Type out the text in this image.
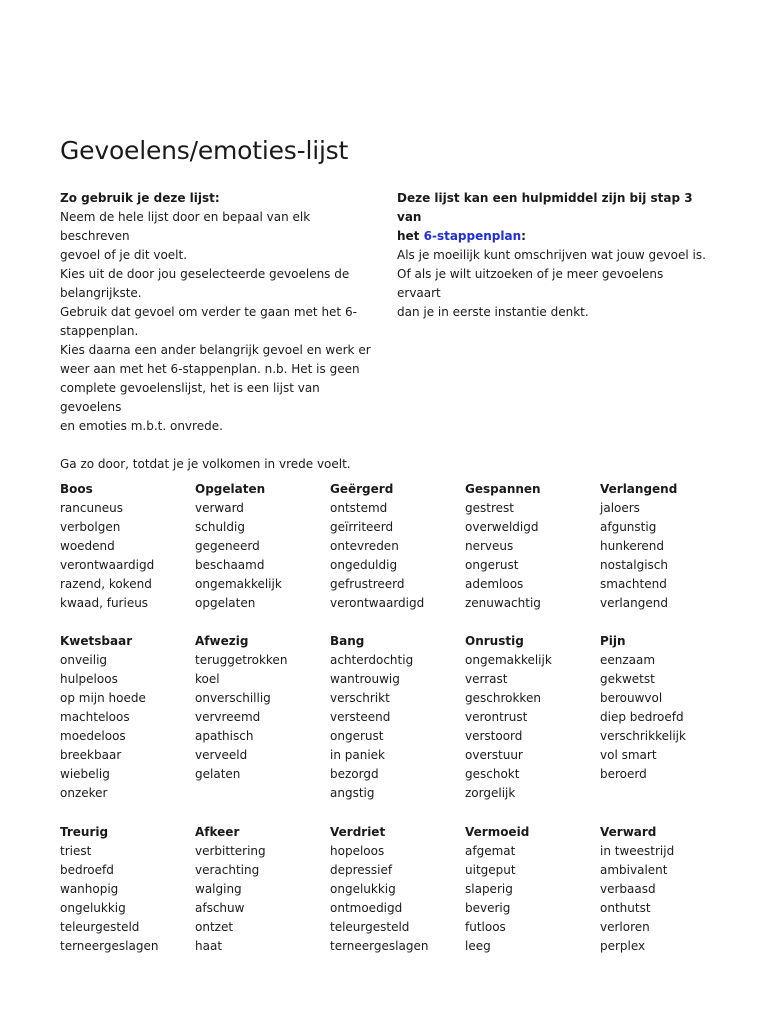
Gevoelens/emoties-lijst

Zo gebruik je deze lijst:

Neem de hele lijst door en bepaal van elk beschreven

gevoel of je dit voelt.

Kies uit de door jou geselecteerde gevoelens de

belangrijkste.

Gebruik dat gevoel om verder te gaan met het 6-

stappenplan.

Kies daarna een ander belangrijk gevoel en werk er

weer aan met het 6-stappenplan. n.b. Het is geen

complete gevoelenslijst, het is een lijst van gevoelens

en emoties m.b.t. onvrede.

Ga zo door, totdat je je volkomen in vrede voelt.

Deze lijst kan een hulpmiddel zijn bij stap 3 van

het 6-stappenplan:

Als je moeilijk kunt omschrijven wat jouw gevoel is.

Of als je wilt uitzoeken of je meer gevoelens ervaart

dan je in eerste instantie denkt.

Boos
rancuneus
verbolgen
woedend
verontwaardigd
razend, kokend
kwaad, furieus
Opgelaten
verward
schuldig
gegeneerd
beschaamd
ongemakkelijk
opgelaten
Geërgerd
ontstemd
geïrriteerd
ontevreden
ongeduldig
gefrustreerd
verontwaardigd
Gespannen
gestrest
overweldigd
nerveus
ongerust
ademloos
zenuwachtig
Verlangend
jaloers
afgunstig
hunkerend
nostalgisch
smachtend
verlangend
Kwetsbaar
onveilig
hulpeloos
op mijn hoede
machteloos
moedeloos
breekbaar
wiebelig
onzeker
Afwezig
teruggetrokken
koel
onverschillig
vervreemd
apathisch
verveeld
gelaten
Bang
achterdochtig
wantrouwig
verschrikt
versteend
ongerust
in paniek
bezorgd
angstig
Onrustig
ongemakkelijk
verrast
geschrokken
verontrust
verstoord
overstuur
geschokt
zorgelijk
Pijn
eenzaam
gekwetst
berouwvol
diep bedroefd
verschrikkelijk
vol smart
beroerd
Treurig
triest
bedroefd
wanhopig
ongelukkig
teleurgesteld
terneergeslagen
Afkeer
verbittering
verachting
walging
afschuw
ontzet
haat
Verdriet
hopeloos
depressief
ongelukkig
ontmoedigd
teleurgesteld
terneergeslagen
Vermoeid
afgemat
uitgeput
slaperig
beverig
futloos
leeg
Verward
in tweestrijd
ambivalent
verbaasd
onthutst
verloren
perplex
